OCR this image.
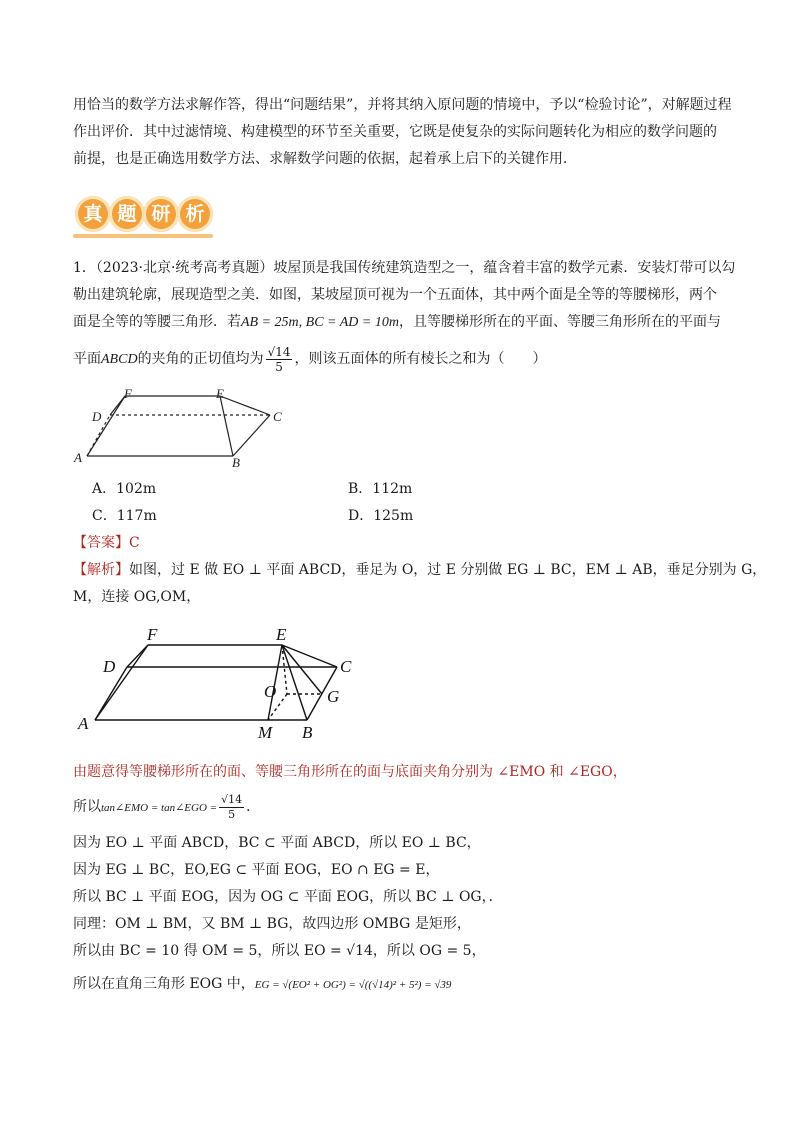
用恰当的数学方法求解作答，得出“问题结果”，并将其纳入原问题的情境中，予以“检验讨论”，对解题过程
作出评价．其中过滤情境、构建模型的环节至关重要，它既是使复杂的实际问题转化为相应的数学问题的
前提，也是正确选用数学方法、求解数学问题的依据，起着承上启下的关键作用．
真 题 研 析
1．（2023·北京·统考高考真题）坡屋顶是我国传统建筑造型之一，蕴含着丰富的数学元素．安装灯带可以勾
勒出建筑轮廓，展现造型之美．如图，某坡屋顶可视为一个五面体，其中两个面是全等的等腰梯形，两个
面是全等的等腰三角形．若AB = 25m, BC = AD = 10m，且等腰梯形所在的平面、等腰三角形所在的平面与
平面ABCD的夹角的正切值均为 $\frac{√14}{5}$ ，则该五面体的所有棱长之和为（　　）
D
F	E
C
A	B
A．102m	B．112m
C．117m	D．125m
【答案】C
【解析】如图，过 E 做 EO ⊥ 平面 ABCD，垂足为 O，过 E 分别做 EG ⊥ BC，EM ⊥ AB，垂足分别为 G，
M，连接 OG,OM，
F	E
D	C
O	G
A	M B
由题意得等腰梯形所在的面、等腰三角形所在的面与底面夹角分别为 ∠EMO 和 ∠EGO，
所以tan∠EMO = tan∠EGO = $\frac{√14}{5}$ ．
因为 EO ⊥ 平面 ABCD，BC ⊂ 平面 ABCD，所以 EO ⊥ BC，
因为 EG ⊥ BC，EO,EG ⊂ 平面 EOG，EO ∩ EG = E，
所以 BC ⊥ 平面 EOG，因为 OG ⊂ 平面 EOG，所以 BC ⊥ OG，．
同理：OM ⊥ BM，又 BM ⊥ BG，故四边形 OMBG 是矩形，
所以由 BC = 10 得 OM = 5，所以 EO = √14，所以 OG = 5，
所以在直角三角形 EOG 中，EG = √(EO² + OG²) = √((√14)² + 5²) = √39
